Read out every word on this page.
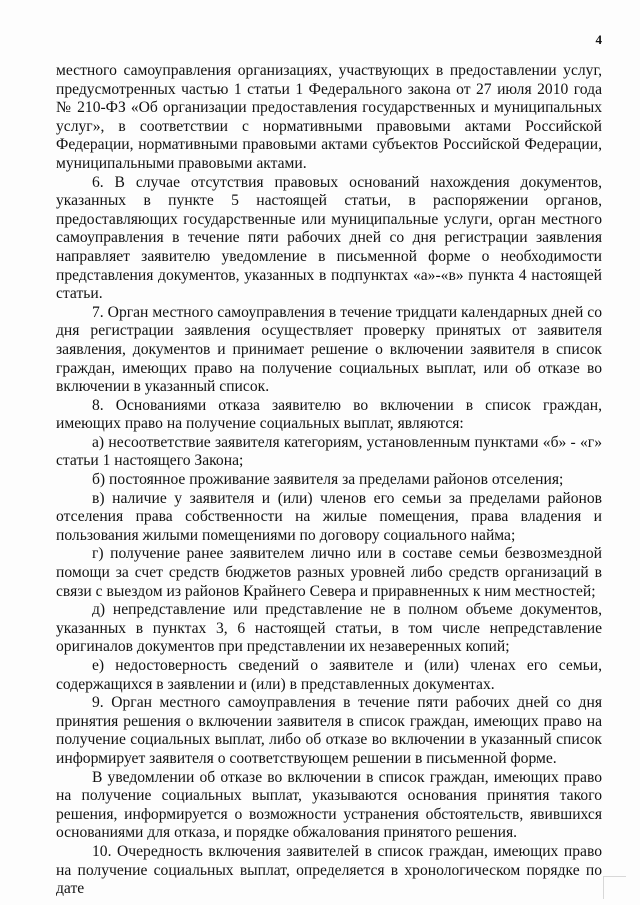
4

местного самоуправления организациях, участвующих в предоставлении услуг, предусмотренных частью 1 статьи 1 Федерального закона от 27 июля 2010 года № 210-ФЗ «Об организации предоставления государственных и муниципальных услуг», в соответствии с нормативными правовыми актами Российской Федерации, нормативными правовыми актами субъектов Российской Федерации, муниципальными правовыми актами.

6. В случае отсутствия правовых оснований нахождения документов, указанных в пункте 5 настоящей статьи, в распоряжении органов, предоставляющих государственные или муниципальные услуги, орган местного самоуправления в течение пяти рабочих дней со дня регистрации заявления направляет заявителю уведомление в письменной форме о необходимости представления документов, указанных в подпунктах «а»-«в» пункта 4 настоящей статьи.

7. Орган местного самоуправления в течение тридцати календарных дней со дня регистрации заявления осуществляет проверку принятых от заявителя заявления, документов и принимает решение о включении заявителя в список граждан, имеющих право на получение социальных выплат, или об отказе во включении в указанный список.

8. Основаниями отказа заявителю во включении в список граждан, имеющих право на получение социальных выплат, являются:

а) несоответствие заявителя категориям, установленным пунктами «б» - «г» статьи 1 настоящего Закона;

б) постоянное проживание заявителя за пределами районов отселения;

в) наличие у заявителя и (или) членов его семьи за пределами районов отселения права собственности на жилые помещения, права владения и пользования жилыми помещениями по договору социального найма;

г) получение ранее заявителем лично или в составе семьи безвозмездной помощи за счет средств бюджетов разных уровней либо средств организаций в связи с выездом из районов Крайнего Севера и приравненных к ним местностей;

д) непредставление или представление не в полном объеме документов, указанных в пунктах 3, 6 настоящей статьи, в том числе непредставление оригиналов документов при представлении их незаверенных копий;

е) недостоверность сведений о заявителе и (или) членах его семьи, содержащихся в заявлении и (или) в представленных документах.

9. Орган местного самоуправления в течение пяти рабочих дней со дня принятия решения о включении заявителя в список граждан, имеющих право на получение социальных выплат, либо об отказе во включении в указанный список информирует заявителя о соответствующем решении в письменной форме.

В уведомлении об отказе во включении в список граждан, имеющих право на получение социальных выплат, указываются основания принятия такого решения, информируется о возможности устранения обстоятельств, явившихся основаниями для отказа, и порядке обжалования принятого решения.

10. Очередность включения заявителей в список граждан, имеющих право на получение социальных выплат, определяется в хронологическом порядке по дате
